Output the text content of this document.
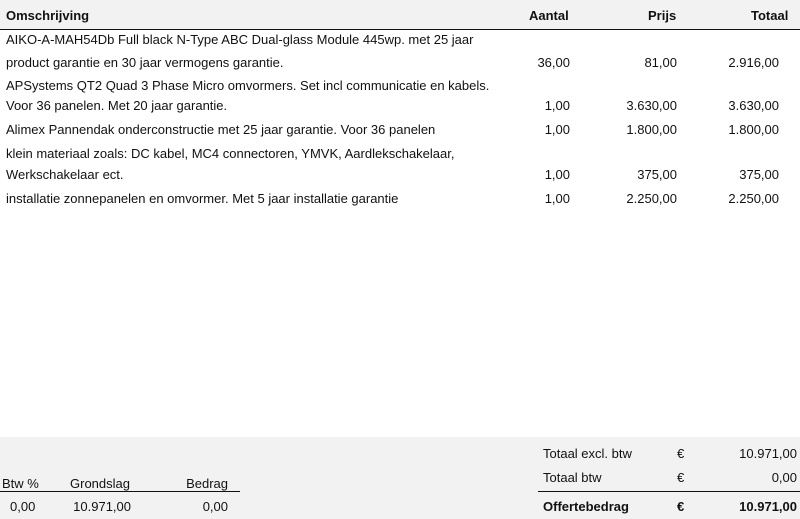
Omschrijving	Aantal	Prijs	Totaal
AIKO-A-MAH54Db Full black N-Type ABC Dual-glass Module 445wp. met 25 jaar
product garantie en 30 jaar vermogens garantie.	36,00	81,00	2.916,00
APSystems QT2 Quad 3 Phase Micro omvormers. Set incl communicatie en kabels.
Voor 36 panelen. Met 20 jaar garantie.	1,00	3.630,00	3.630,00
Alimex Pannendak onderconstructie met 25 jaar garantie. Voor 36 panelen	1,00	1.800,00	1.800,00
klein materiaal zoals: DC kabel, MC4 connectoren, YMVK, Aardlekschakelaar,
Werkschakelaar ect.	1,00	375,00	375,00
installatie zonnepanelen en omvormer. Met 5 jaar installatie garantie	1,00	2.250,00	2.250,00
Btw % Grondslag	Bedrag
0,00	10.971,00	0,00
Totaal excl. btw	€	10.971,00
Totaal btw	€	0,00
Offertebedrag	€	10.971,00
